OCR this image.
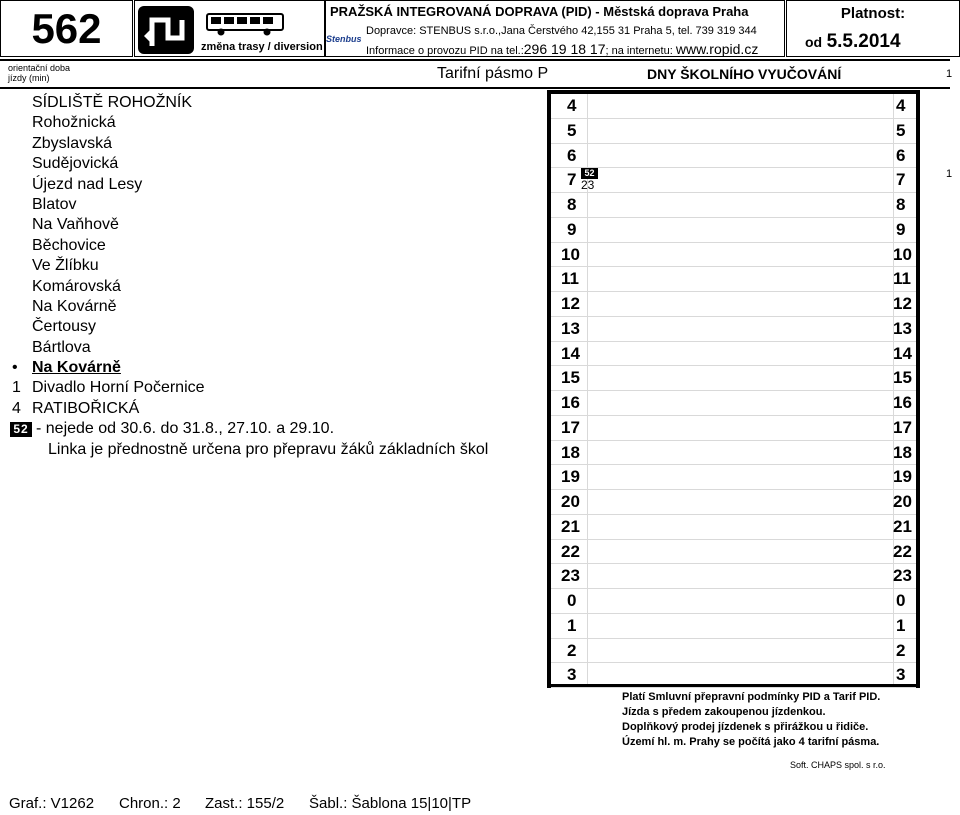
562	změna trasy / diversion
PRAŽSKÁ INTEGROVANÁ DOPRAVA (PID) - Městská doprava Praha
Dopravce: STENBUS s.r.o.,Jana Čerstvého 42,155 31 Praha 5, tel. 739 319 344
Stenbus
Informace o provozu PID na tel.:296 19 18 17; na internetu: www.ropid.cz
Platnost:
od 5.5.2014
orientační doba
jízdy (min)	Tarifní pásmo P	DNY ŠKOLNÍHO VYUČOVÁNÍ	1
1
SÍDLIŠTĚ ROHOŽNÍK
Rohožnická
Zbyslavská
Sudějovická
Újezd nad Lesy
Blatov
Na Vaňhově
Běchovice
Ve Žlíbku
Komárovská
Na Kovárně
Čertousy
Bártlova
• Na Kovárně
1 Divadlo Horní Počernice
4 RATIBOŘICKÁ
52 - nejede od 30.6. do 31.8., 27.10. a 29.10.
Linka je přednostně určena pro přepravu žáků základních škol
4	4
5	5
6	6
7	7
52
23
8	8
9	9
10	10
11	11
12	12
13	13
14	14
15	15
16	16
17	17
18	18
19	19
20	20
21	21
22	22
23	23
0	0
1	1
2	2
3	3
Platí Smluvní přepravní podmínky PID a Tarif PID.
Jízda s předem zakoupenou jízdenkou.
Doplňkový prodej jízdenek s přirážkou u řidiče.
Území hl. m. Prahy se počítá jako 4 tarifní pásma.
Soft. CHAPS spol. s r.o.
Graf.: V1262 Chron.: 2 Zast.: 155/2 Šabl.: Šablona 15|10|TP
